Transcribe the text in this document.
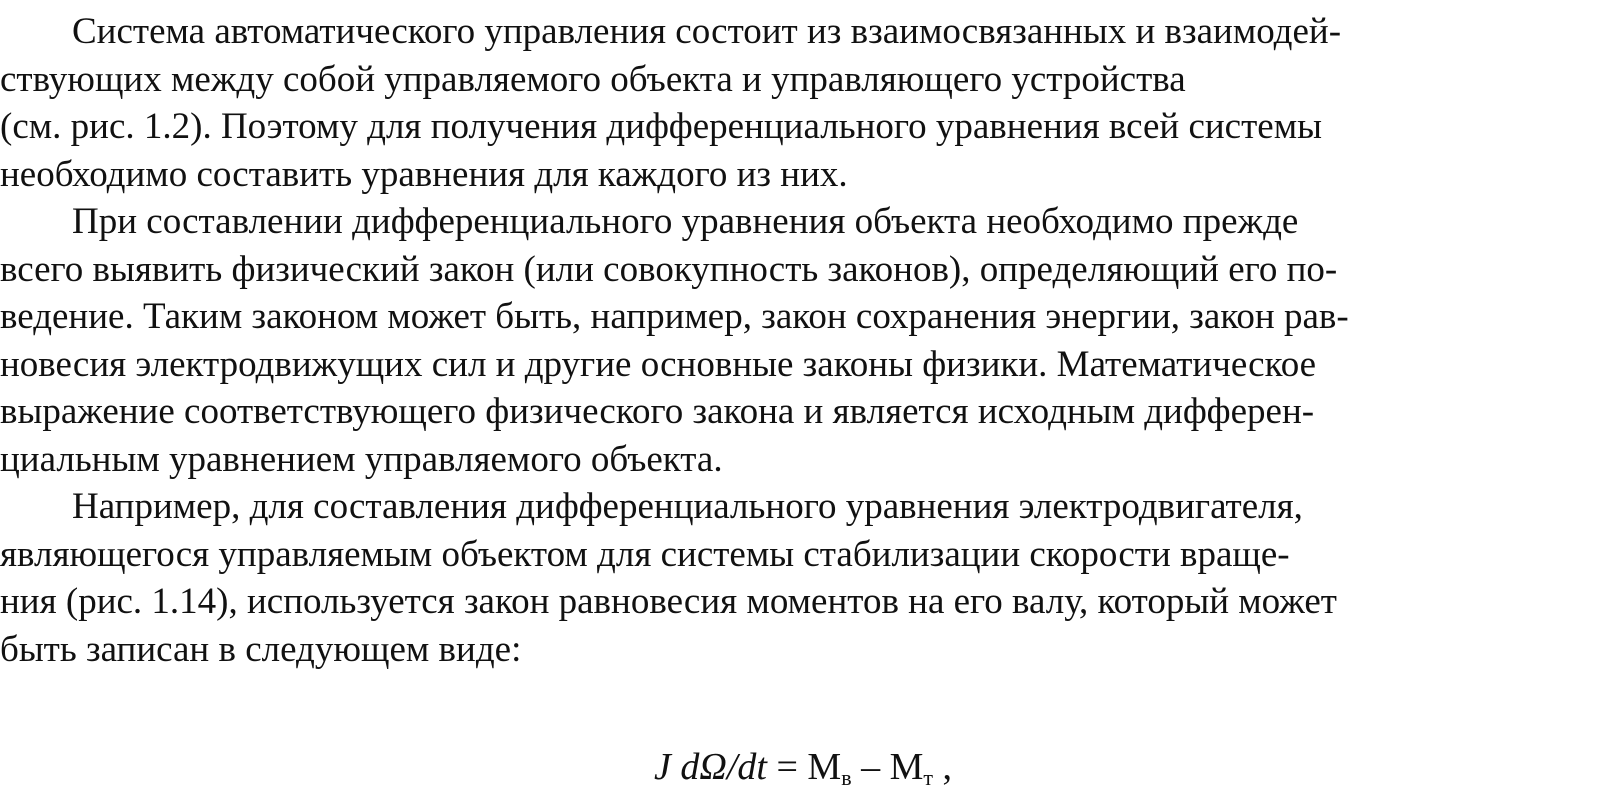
Система автоматического управления состоит из взаимосвязанных и взаимодей-
ствующих между собой управляемого объекта и управляющего устройства
(см. рис. 1.2). Поэтому для получения дифференциального уравнения всей системы
необходимо составить уравнения для каждого из них.

При составлении дифференциального уравнения объекта необходимо прежде
всего выявить физический закон (или совокупность законов), определяющий его по-
ведение. Таким законом может быть, например, закон сохранения энергии, закон рав-
новесия электродвижущих сил и другие основные законы физики. Математическое
выражение соответствующего физического закона и является исходным дифферен-
циальным уравнением управляемого объекта.

Например, для составления дифференциального уравнения электродвигателя,
являющегося управляемым объектом для системы стабилизации скорости враще-
ния (рис. 1.14), используется закон равновесия моментов на его валу, который может
быть записан в следующем виде:

J $d\Omega/dt = M_в - M_т$ ,
